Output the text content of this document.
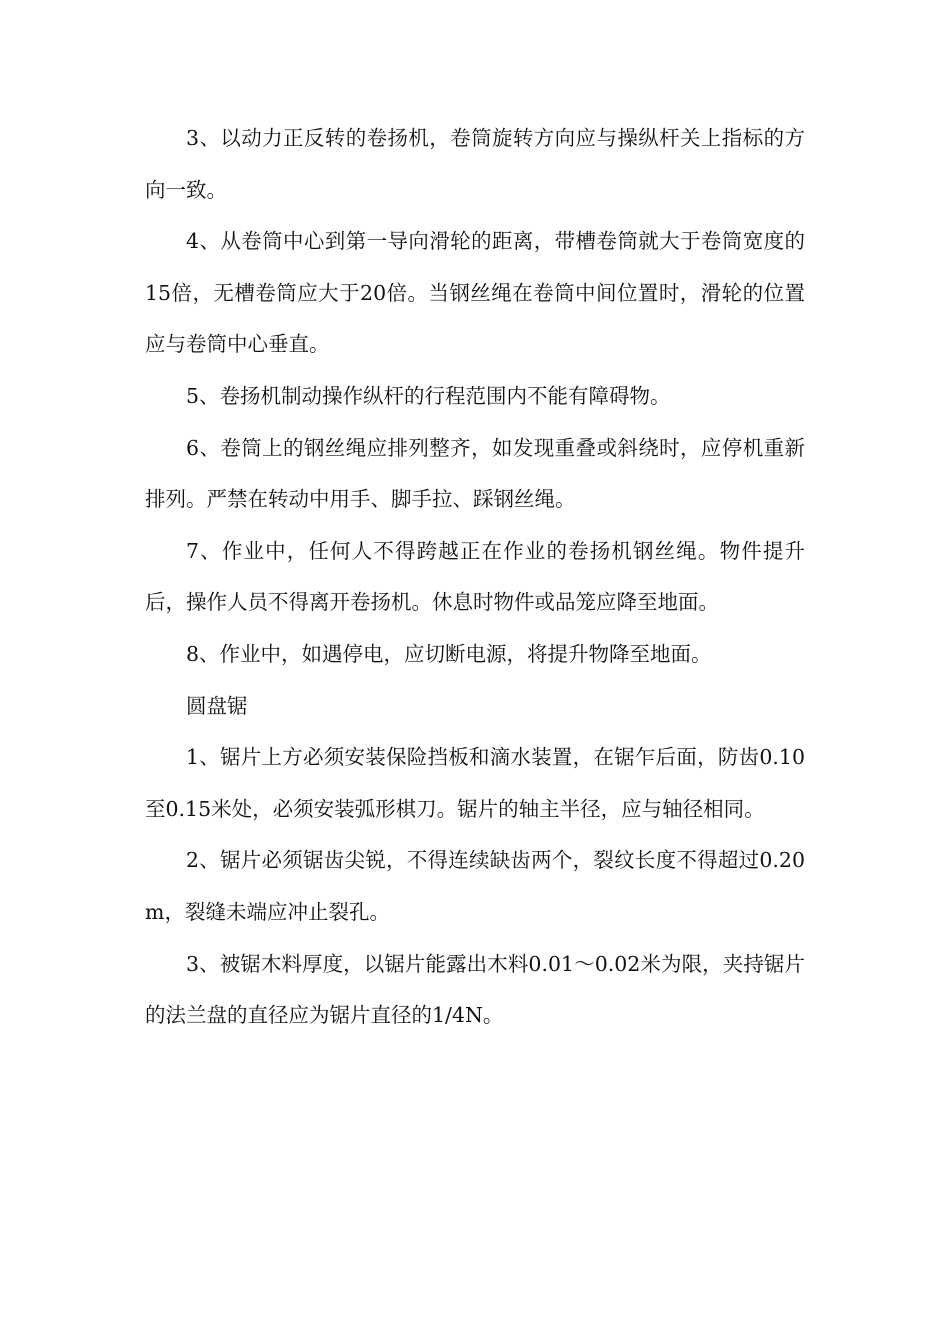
3、以动力正反转的卷扬机，卷筒旋转方向应与操纵杆关上指标的方向一致。

4、从卷筒中心到第一导向滑轮的距离，带槽卷筒就大于卷筒宽度的15倍，无槽卷筒应大于20倍。当钢丝绳在卷筒中间位置时，滑轮的位置应与卷筒中心垂直。

5、卷扬机制动操作纵杆的行程范围内不能有障碍物。

6、卷筒上的钢丝绳应排列整齐，如发现重叠或斜绕时，应停机重新排列。严禁在转动中用手、脚手拉、踩钢丝绳。

7、作业中，任何人不得跨越正在作业的卷扬机钢丝绳。物件提升后，操作人员不得离开卷扬机。休息时物件或品笼应降至地面。

8、作业中，如遇停电，应切断电源，将提升物降至地面。

圆盘锯

1、锯片上方必须安装保险挡板和滴水装置，在锯乍后面，防齿0.10至0.15米处，必须安装弧形棋刀。锯片的轴主半径，应与轴径相同。

2、锯片必须锯齿尖锐，不得连续缺齿两个，裂纹长度不得超过0.20m，裂缝未端应冲止裂孔。

3、被锯木料厚度，以锯片能露出木料0.01～0.02米为限，夹持锯片的法兰盘的直径应为锯片直径的1/4N。
